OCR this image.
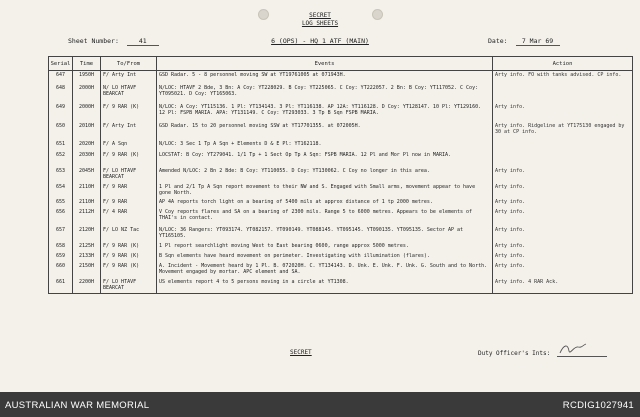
SECRET
LOG SHEETS
Sheet Number:	41	6 (OPS) - HQ 1 ATF (MAIN)	Date: 7 Mar 69
Serial	Time	To/From	Events	Action
647	1950H	F/ Arty Int	GSD Radar. 5 - 8 personnel moving SW at YT19761005 at 071943H.	Arty info. FO with tanks advised. CP info.
648	2000H	N/ LO HTAVF BEARCAT	N/LOC: HTAVF 2 Bde, 3 Bn: A Coy: YT228029. B Coy: YT225065. C Coy: YT222057. 2 Bn: B Coy: YT117052. C Coy: YT095021. D Coy: YT165063.	
649	2000H	F/ 9 RAR (K)	N/LOC: A Coy: YT115136. 1 Pl: YT134143. 3 Pl: YT116138. AP 12A: YT116128. D Coy: YT128147. 10 Pl: YT129160. 12 Pl: FSPB MARIA. APA: YT131149. C Coy: YT293033. 3 Tp B Sqn FSPB MARIA.	Arty info.
650	2010H	F/ Arty Int	GSD Radar. 15 to 20 personnel moving SSW at YT17701355. at 072005H.	Arty info. Ridgeline at YT175130 engaged by 30 at CP info.
651	2020H	F/ A Sqn	N/LOC: 3 Sec 1 Tp A Sqn + Elements D & E Pl: YT162118.	
652	2030H	F/ 9 RAR (K)	LOCSTAT: B Coy: YT279041. 1/1 Tp + 1 Sect Op Tp A Sqn: FSPB MARIA. 12 Pl and Mor Pl now in MARIA.	
653	2045H	F/ LO HTAVF BEARCAT	Amended N/LOC: 2 Bn 2 Bde: B Coy: YT110055. D Coy: YT130062. C Coy no longer in this area.	Arty info.
654	2110H	F/ 9 RAR	1 Pl and 2/1 Tp A Sqn report movement to their NW and S. Engaged with Small arms, movement appear to have gone North.	Arty info.
655	2110H	F/ 9 RAR	AP 4A reports torch light on a bearing of 5400 mils at approx distance of 1 tp 2000 metres.	Arty info.
656	2112H	F/ 4 RAR	V Coy reports flares and SA on a bearing of 2300 mils. Range 5 to 6000 metres. Appears to be elements of THAI's in contact.	Arty info.
657	2120H	F/ LO NZ Tac	N/LOC: 36 Rangers: YT093174. YT082157. YT090149. YT088145. YT095145. YT090135. YT095135. Sector AP at YT165105.	Arty info.
658	2125H	F/ 9 RAR (K)	1 Pl report searchlight moving West to East bearing 0600, range approx 5000 metres.	Arty info.
659	2133H	F/ 9 RAR (K)	B Sqn elements have heard movement on perimeter. Investigating with illumination (flares).	Arty info.
660	2150H	F/ 9 RAR (K)	A. Incident - Movement heard by 1 Pl. B. 072020H. C. YT134143. D. Unk. E. Unk. F. Unk. G. South and to North. Movement engaged by mortar. APC element and SA.	Arty info.
661	2200H	F/ LO HTAVF BEARCAT	US elements report 4 to 5 persons moving in a circle at YT1308.	Arty info. 4 RAR Ack.
SECRET	Duty Officer's Ints:
AUSTRALIAN WAR MEMORIAL	RCDIG1027941
